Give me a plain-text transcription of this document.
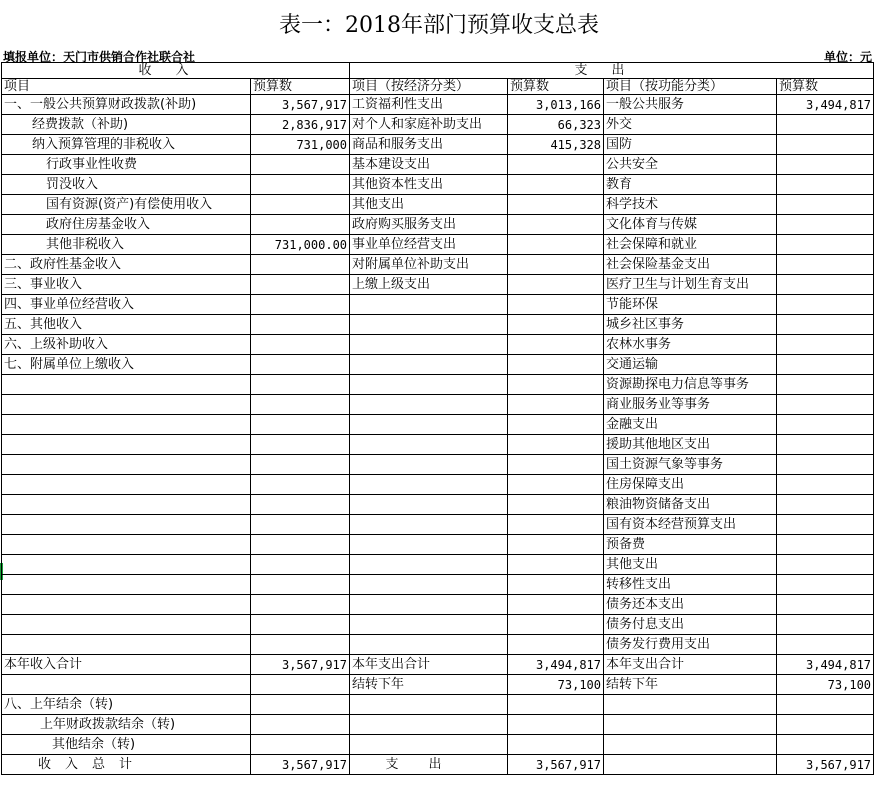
表一：2018年部门预算收支总表
填报单位：天门市供销合作社联合社	单位：元
收入		支出			
项目	预算数	项目（按经济分类）	预算数	项目（按功能分类）	预算数
一、一般公共预算财政拨款(补助)	3,567,917	工资福利性支出	3,013,166	一般公共服务	3,494,817
经费拨款（补助)	2,836,917	对个人和家庭补助支出	66,323	外交	
纳入预算管理的非税收入	731,000	商品和服务支出	415,328	国防	
行政事业性收费		基本建设支出		公共安全	
罚没收入		其他资本性支出		教育	
国有资源(资产)有偿使用收入		其他支出		科学技术	
政府住房基金收入		政府购买服务支出		文化体育与传媒	
其他非税收入	731,000.00	事业单位经营支出		社会保障和就业	
二、政府性基金收入		对附属单位补助支出		社会保险基金支出	
三、事业收入		上缴上级支出		医疗卫生与计划生育支出	
四、事业单位经营收入				节能环保	
五、其他收入				城乡社区事务	
六、上级补助收入				农林水事务	
七、附属单位上缴收入				交通运输	
				资源勘探电力信息等事务	
				商业服务业等事务	
				金融支出	
				援助其他地区支出	
				国土资源气象等事务	
				住房保障支出	
				粮油物资储备支出	
				国有资本经营预算支出	
				预备费	
				其他支出	
				转移性支出	
				债务还本支出	
				债务付息支出	
				债务发行费用支出	
本年收入合计	3,567,917	本年支出合计	3,494,817	本年支出合计	3,494,817
		结转下年	73,100	结转下年	73,100
八、上年结余（转)					
上年财政拨款结余（转)					
其他结余（转)					
收入总计	3,567,917	支出	3,567,917		3,567,917
